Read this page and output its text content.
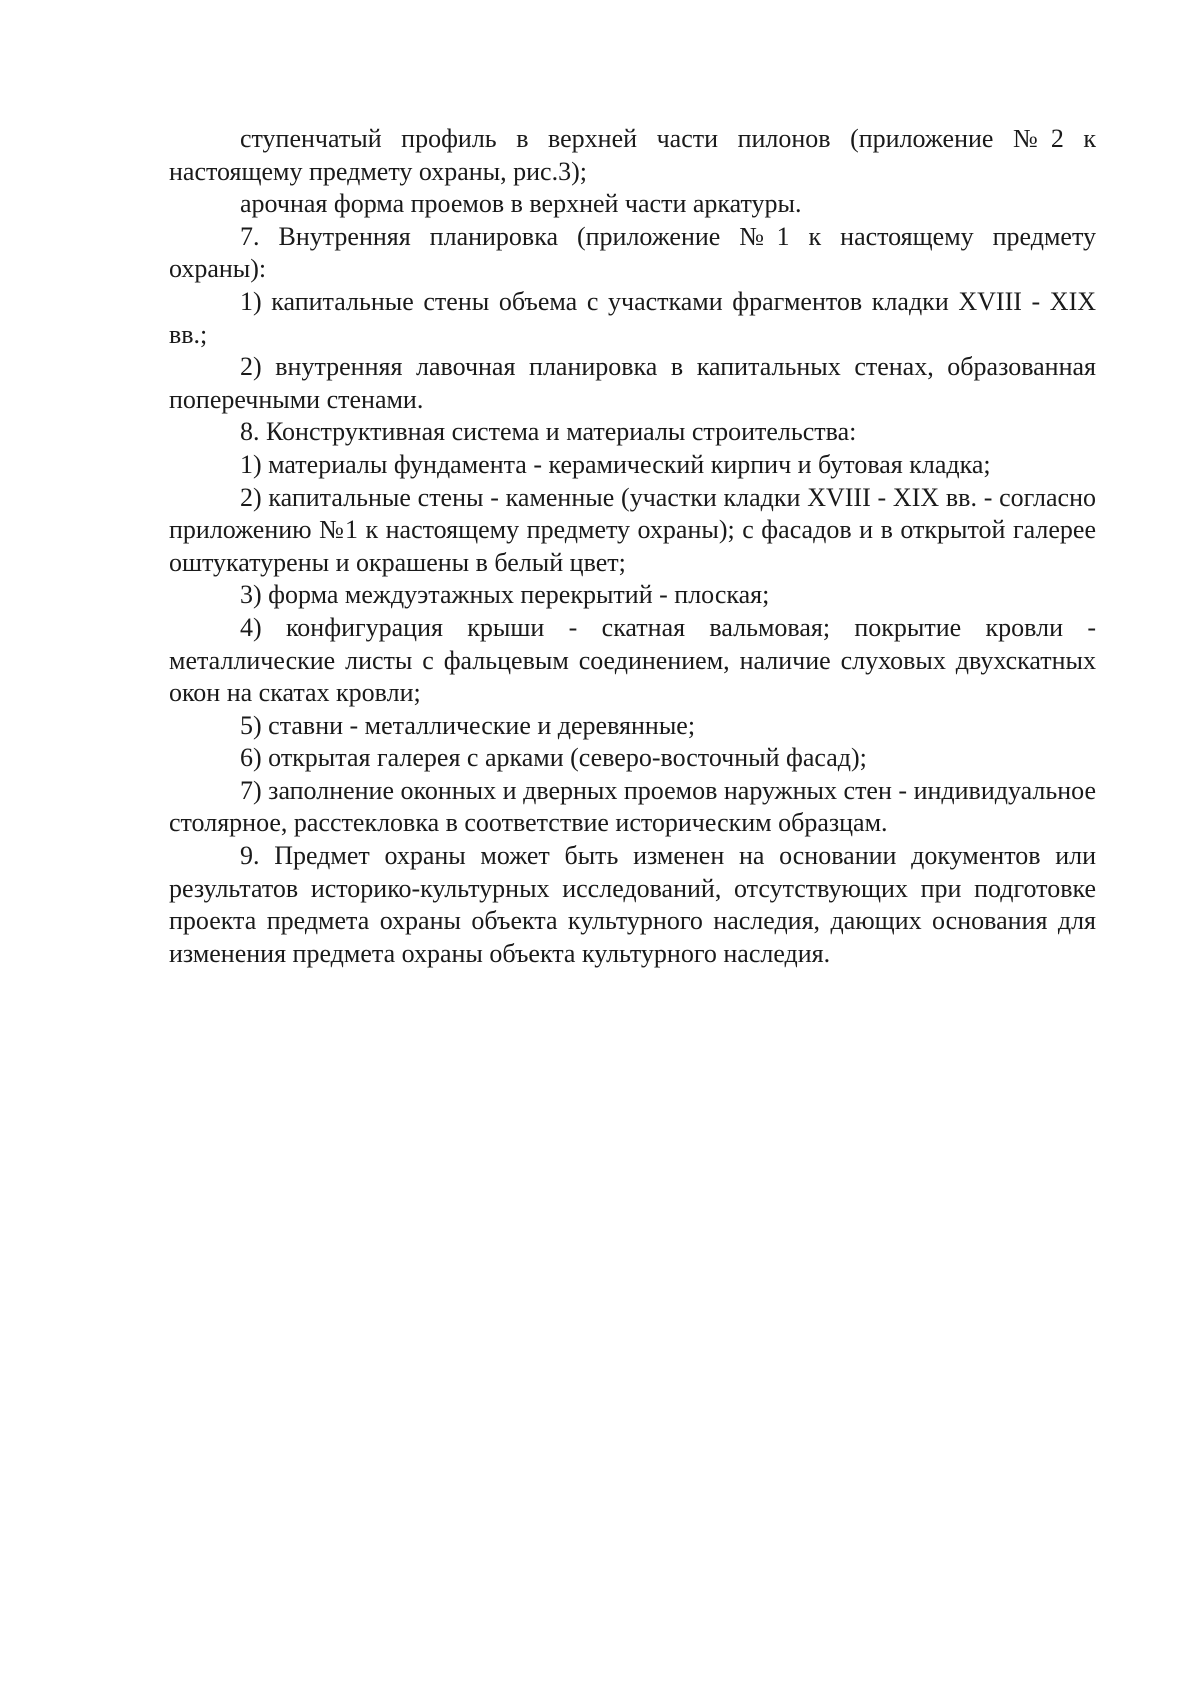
ступенчатый профиль в верхней части пилонов (приложение №2 к настоящему предмету охраны, рис.3);

арочная форма проемов в верхней части аркатуры.

7. Внутренняя планировка (приложение №1 к настоящему предмету охраны):

1) капитальные стены объема с участками фрагментов кладки XVIII - XIX вв.;

2) внутренняя лавочная планировка в капитальных стенах, образованная поперечными стенами.

8. Конструктивная система и материалы строительства:

1) материалы фундамента - керамический кирпич и бутовая кладка;

2) капитальные стены - каменные (участки кладки XVIII - XIX вв. - согласно приложению №1 к настоящему предмету охраны); с фасадов и в открытой галерее оштукатурены и окрашены в белый цвет;

3) форма междуэтажных перекрытий - плоская;

4) конфигурация крыши - скатная вальмовая; покрытие кровли - металлические листы с фальцевым соединением, наличие слуховых двухскатных окон на скатах кровли;

5) ставни - металлические и деревянные;

6) открытая галерея с арками (северо-восточный фасад);

7) заполнение оконных и дверных проемов наружных стен - индивидуальное столярное, расстекловка в соответствие историческим образцам.

9. Предмет охраны может быть изменен на основании документов или результатов историко-культурных исследований, отсутствующих при подготовке проекта предмета охраны объекта культурного наследия, дающих основания для изменения предмета охраны объекта культурного наследия.
